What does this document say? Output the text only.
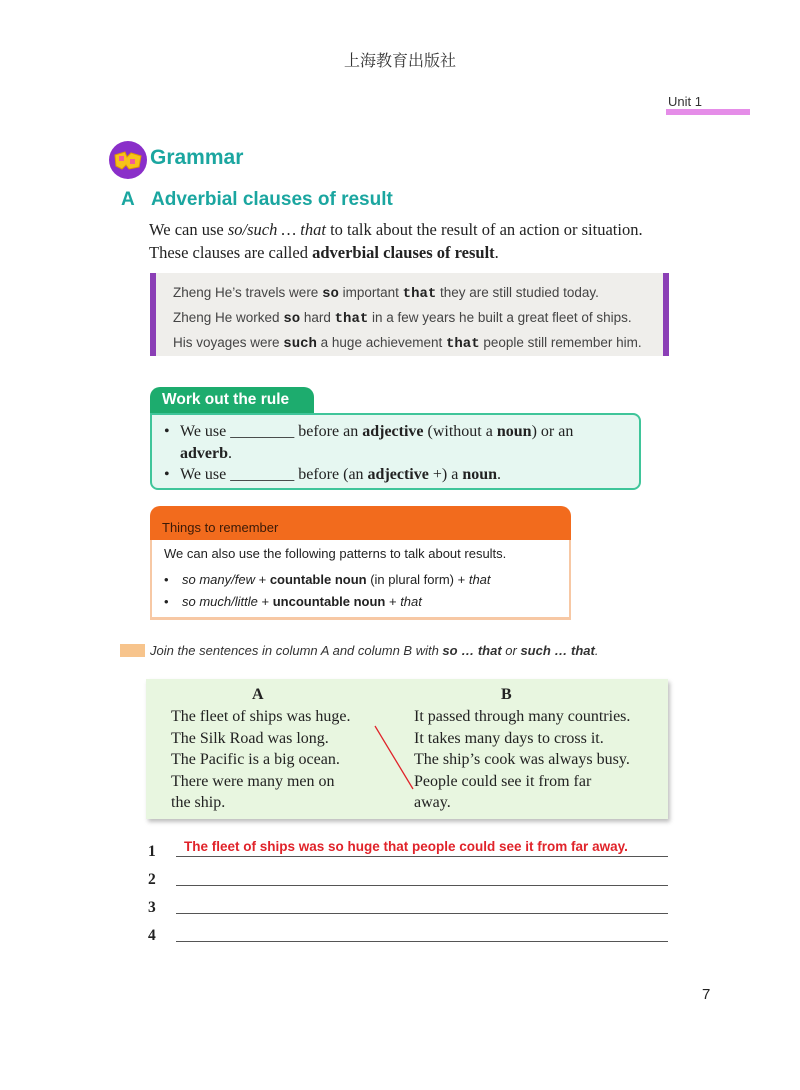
上海教育出版社
Unit 1
Grammar
A Adverbial clauses of result
We can use so/such … that to talk about the result of an action or situation. These clauses are called adverbial clauses of result.
Zheng He’s travels were so important that they are still studied today.
Zheng He worked so hard that in a few years he built a great fleet of ships.
His voyages were such a huge achievement that people still remember him.
Work out the rule
• We use ________ before an adjective (without a noun) or an
adverb.
• We use ________ before (an adjective +) a noun.
Things to remember
We can also use the following patterns to talk about results.
• so many/few + countable noun (in plural form) + that
• so much/little + uncountable noun + that
Join the sentences in column A and column B with so … that or such … that.
A	B
The fleet of ships was huge.
The Silk Road was long.
The Pacific is a big ocean.
There were many men on
the ship.
It passed through many countries.
It takes many days to cross it.
The ship’s cook was always busy.
People could see it from far
away.
1 The fleet of ships was so huge that people could see it from far away.
2
3
4
7
